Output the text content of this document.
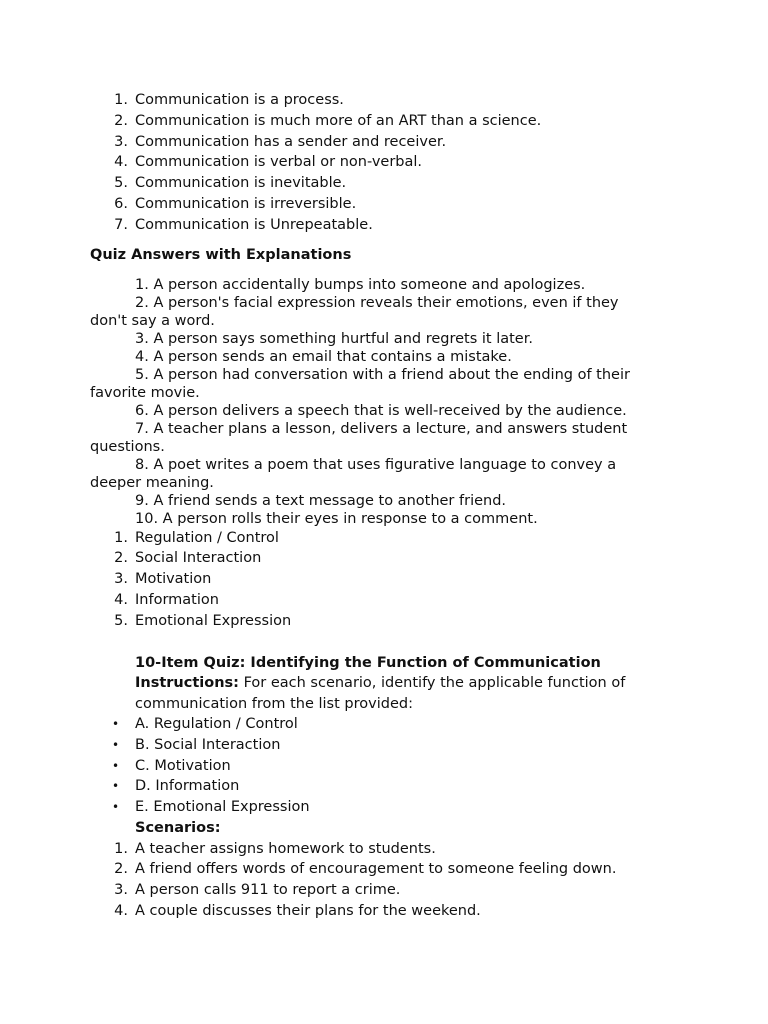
1. Communication is a process.
2. Communication is much more of an ART than a science.
3. Communication has a sender and receiver.
4. Communication is verbal or non-verbal.
5. Communication is inevitable.
6. Communication is irreversible.
7. Communication is Unrepeatable.
Quiz Answers with Explanations
1. A person accidentally bumps into someone and apologizes.
2. A person's facial expression reveals their emotions, even if they don't say a word.
3. A person says something hurtful and regrets it later.
4. A person sends an email that contains a mistake.
5. A person had conversation with a friend about the ending of their favorite movie.
6. A person delivers a speech that is well-received by the audience.
7. A teacher plans a lesson, delivers a lecture, and answers student questions.
8. A poet writes a poem that uses figurative language to convey a deeper meaning.
9. A friend sends a text message to another friend.
10. A person rolls their eyes in response to a comment.
1. Regulation / Control
2. Social Interaction
3. Motivation
4. Information
5. Emotional Expression
10-Item Quiz: Identifying the Function of Communication
Instructions: For each scenario, identify the applicable function of communication from the list provided:
• A. Regulation / Control
• B. Social Interaction
• C. Motivation
• D. Information
• E. Emotional Expression
Scenarios:
1. A teacher assigns homework to students.
2. A friend offers words of encouragement to someone feeling down.
3. A person calls 911 to report a crime.
4. A couple discusses their plans for the weekend.
